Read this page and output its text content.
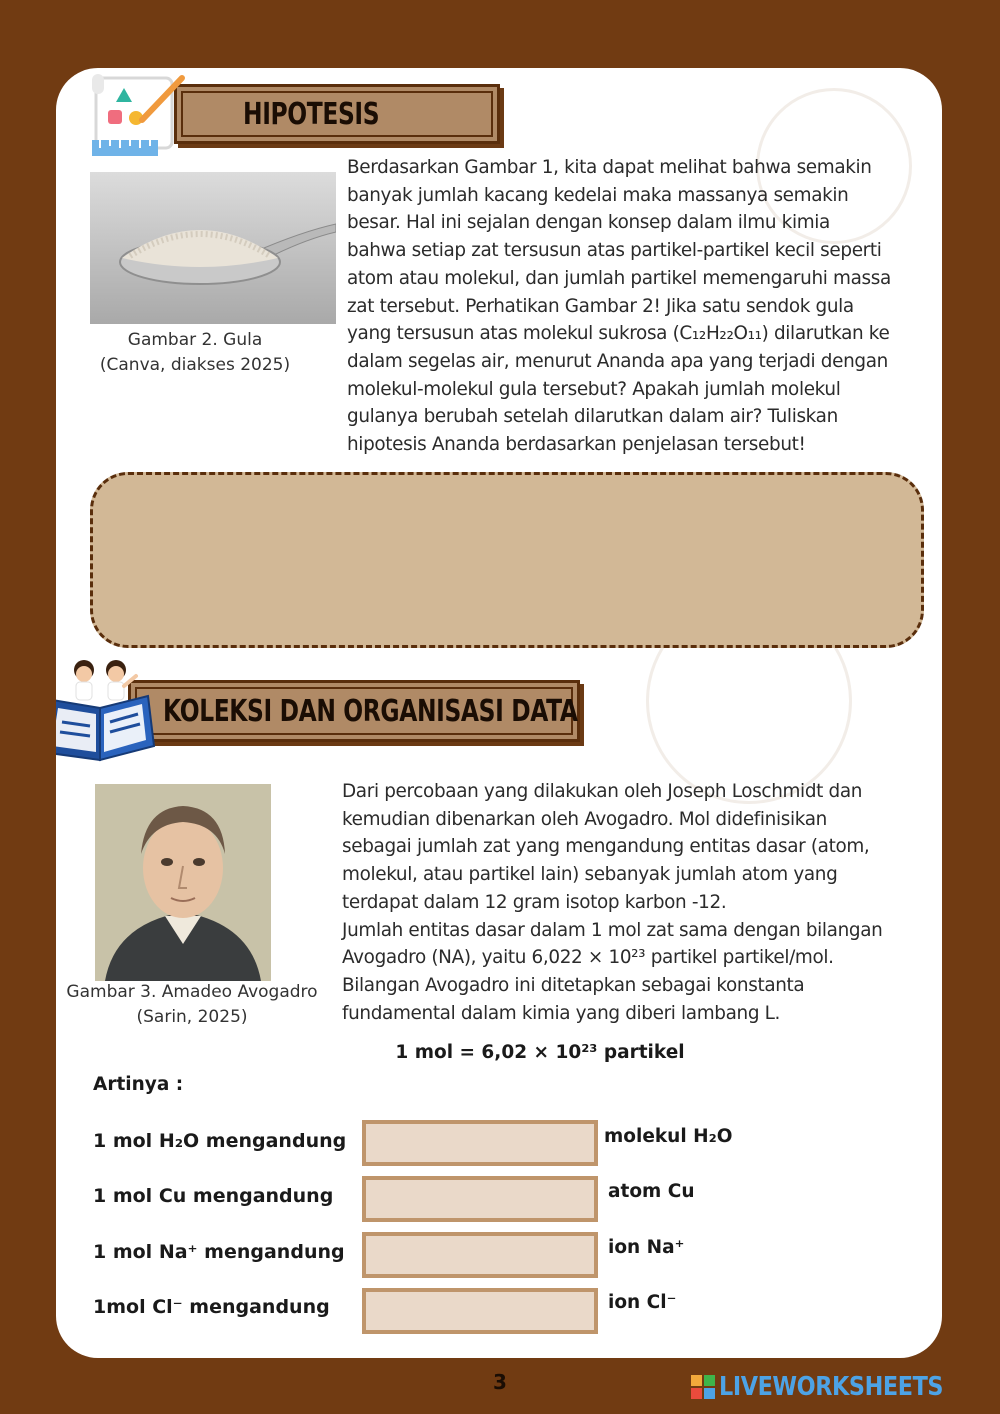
HIPOTESIS
Gambar 2. Gula
(Canva, diakses 2025)
Berdasarkan Gambar 1, kita dapat melihat bahwa semakin
banyak jumlah kacang kedelai maka massanya semakin
besar. Hal ini sejalan dengan konsep dalam ilmu kimia
bahwa setiap zat tersusun atas partikel-partikel kecil seperti
atom atau molekul, dan jumlah partikel memengaruhi massa
zat tersebut. Perhatikan Gambar 2! Jika satu sendok gula
yang tersusun atas molekul sukrosa (C₁₂H₂₂O₁₁) dilarutkan ke
dalam segelas air, menurut Ananda apa yang terjadi dengan
molekul-molekul gula tersebut? Apakah jumlah molekul
gulanya berubah setelah dilarutkan dalam air? Tuliskan
hipotesis Ananda berdasarkan penjelasan tersebut!
KOLEKSI DAN ORGANISASI DATA
Gambar 3. Amadeo Avogadro
(Sarin, 2025)
Dari percobaan yang dilakukan oleh Joseph Loschmidt dan
kemudian dibenarkan oleh Avogadro. Mol didefinisikan
sebagai jumlah zat yang mengandung entitas dasar (atom,
molekul, atau partikel lain) sebanyak jumlah atom yang
terdapat dalam 12 gram isotop karbon -12.
Jumlah entitas dasar dalam 1 mol zat sama dengan bilangan
Avogadro (NA), yaitu 6,022 × 10²³ partikel partikel/mol.
Bilangan Avogadro ini ditetapkan sebagai konstanta
fundamental dalam kimia yang diberi lambang L.
1 mol = 6,02 × 10²³ partikel
Artinya :
1 mol H₂O mengandung	molekul H₂O
1 mol Cu mengandung	atom Cu
1 mol Na⁺ mengandung	ion Na⁺
1mol Cl⁻ mengandung	ion Cl⁻
3	LIVEWORKSHEETS
